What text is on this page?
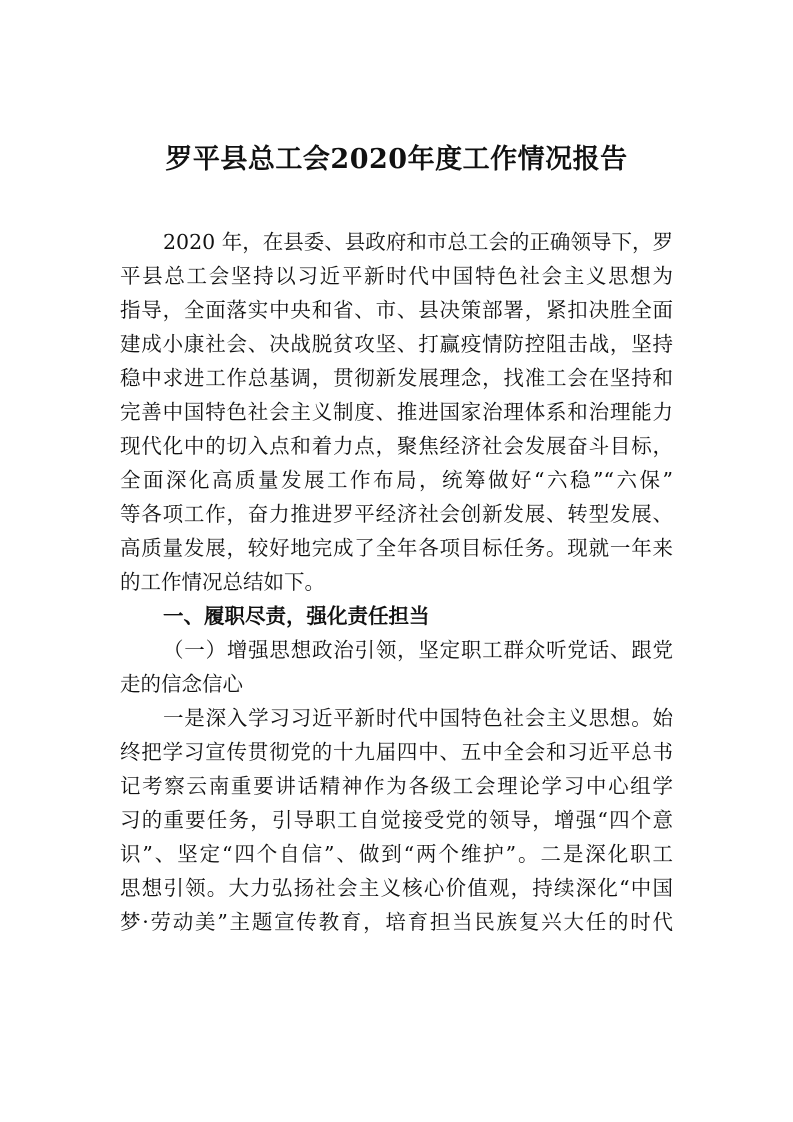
罗平县总工会2020年度工作情况报告
2020 年，在县委、县政府和市总工会的正确领导下，罗
平县总工会坚持以习近平新时代中国特色社会主义思想为
指导，全面落实中央和省、市、县决策部署，紧扣决胜全面
建成小康社会、决战脱贫攻坚、打赢疫情防控阻击战，坚持
稳中求进工作总基调，贯彻新发展理念，找准工会在坚持和
完善中国特色社会主义制度、推进国家治理体系和治理能力
现代化中的切入点和着力点，聚焦经济社会发展奋斗目标，
全面深化高质量发展工作布局，统筹做好“六稳”“六保”
等各项工作，奋力推进罗平经济社会创新发展、转型发展、
高质量发展，较好地完成了全年各项目标任务。现就一年来
的工作情况总结如下。
一、履职尽责，强化责任担当
（一）增强思想政治引领，坚定职工群众听党话、跟党
走的信念信心
一是深入学习习近平新时代中国特色社会主义思想。始
终把学习宣传贯彻党的十九届四中、五中全会和习近平总书
记考察云南重要讲话精神作为各级工会理论学习中心组学
习的重要任务，引导职工自觉接受党的领导，增强“四个意
识”、坚定“四个自信”、做到“两个维护”。二是深化职工
思想引领。大力弘扬社会主义核心价值观，持续深化“中国
梦·劳动美”主题宣传教育，培育担当民族复兴大任的时代
